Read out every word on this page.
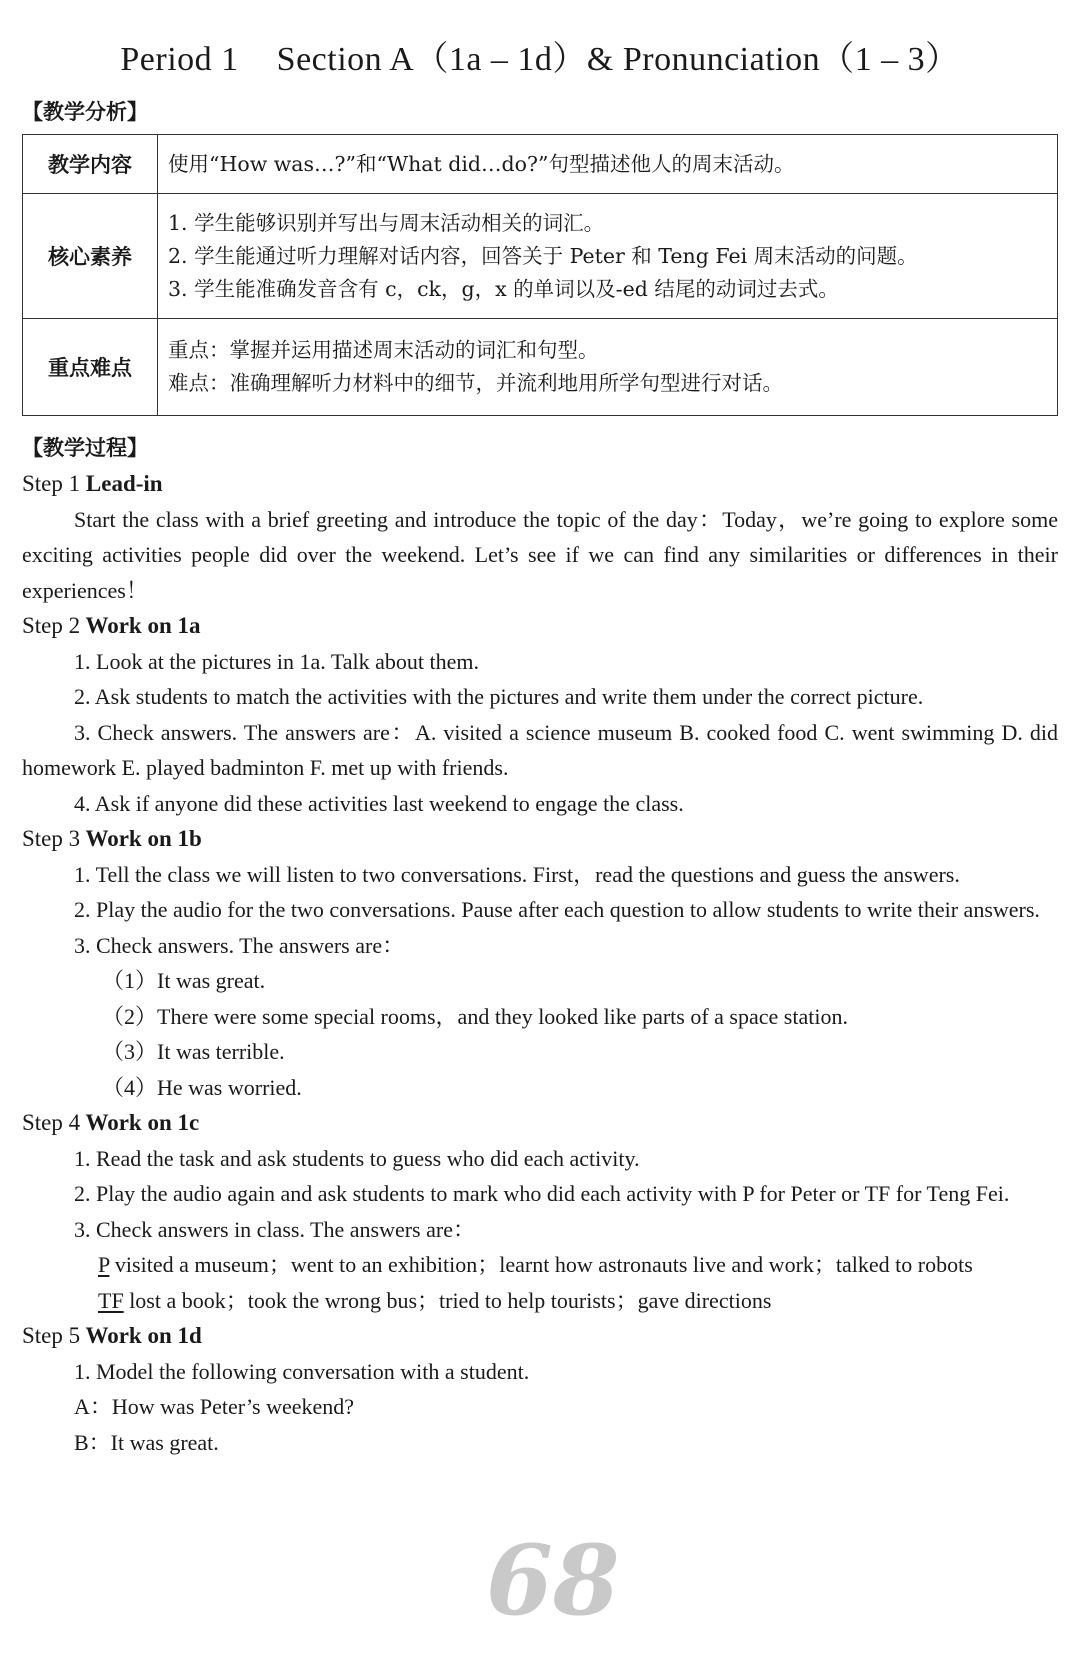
Period 1 Section A（1a – 1d）& Pronunciation（1 – 3）
【教学分析】
教学内容	使用“How was…?”和“What did…do?”句型描述他人的周末活动。

核心素养	1. 学生能够识别并写出与周末活动相关的词汇。
2. 学生能通过听力理解对话内容，回答关于 Peter 和 Teng Fei 周末活动的问题。
3. 学生能准确发音含有 c，ck，g，x 的单词以及-ed 结尾的动词过去式。

重点难点	重点：掌握并运用描述周末活动的词汇和句型。
难点：准确理解听力材料中的细节，并流利地用所学句型进行对话。
【教学过程】
Step 1 Lead-in

Start the class with a brief greeting and introduce the topic of the day：Today，we’re going to explore some exciting activities people did over the weekend. Let’s see if we can find any similarities or differences in their experiences！

Step 2 Work on 1a

1. Look at the pictures in 1a. Talk about them.

2. Ask students to match the activities with the pictures and write them under the correct picture.

3. Check answers. The answers are：A. visited a science museum B. cooked food C. went swimming D. did homework E. played badminton F. met up with friends.

4. Ask if anyone did these activities last weekend to engage the class.

Step 3 Work on 1b

1. Tell the class we will listen to two conversations. First，read the questions and guess the answers.

2. Play the audio for the two conversations. Pause after each question to allow students to write their answers.

3. Check answers. The answers are：

（1）It was great.

（2）There were some special rooms，and they looked like parts of a space station.

（3）It was terrible.

（4）He was worried.

Step 4 Work on 1c

1. Read the task and ask students to guess who did each activity.

2. Play the audio again and ask students to mark who did each activity with P for Peter or TF for Teng Fei.

3. Check answers in class. The answers are：

P visited a museum；went to an exhibition；learnt how astronauts live and work；talked to robots

TF lost a book；took the wrong bus；tried to help tourists；gave directions

Step 5 Work on 1d

1. Model the following conversation with a student.

A：How was Peter’s weekend?

B：It was great.

68
